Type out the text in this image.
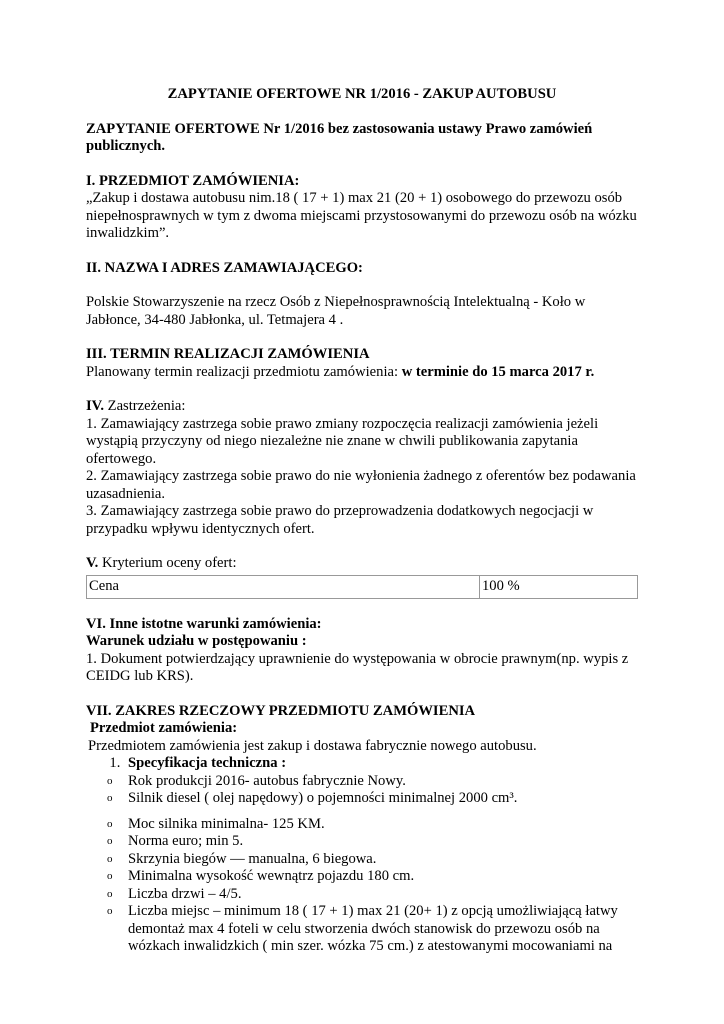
ZAPYTANIE OFERTOWE NR 1/2016 - ZAKUP AUTOBUSU

ZAPYTANIE OFERTOWE Nr 1/2016 bez zastosowania ustawy Prawo zamówień publicznych.

I. PRZEDMIOT ZAMÓWIENIA:

„Zakup i dostawa autobusu nim.18 ( 17 + 1) max 21 (20 + 1) osobowego do przewozu osób niepełnosprawnych w tym z dwoma miejscami przystosowanymi do przewozu osób na wózku inwalidzkim”.

II. NAZWA I ADRES ZAMAWIAJĄCEGO:

Polskie Stowarzyszenie na rzecz Osób z Niepełnosprawnością Intelektualną - Koło w Jabłonce, 34-480 Jabłonka, ul. Tetmajera 4 .

III. TERMIN REALIZACJI ZAMÓWIENIA

Planowany termin realizacji przedmiotu zamówienia: w terminie do 15 marca 2017 r.

IV. Zastrzeżenia:

1. Zamawiający zastrzega sobie prawo zmiany rozpoczęcia realizacji zamówienia jeżeli wystąpią przyczyny od niego niezależne nie znane w chwili publikowania zapytania ofertowego.

2. Zamawiający zastrzega sobie prawo do nie wyłonienia żadnego z oferentów bez podawania uzasadnienia.

3. Zamawiający zastrzega sobie prawo do przeprowadzenia dodatkowych negocjacji w przypadku wpływu identycznych ofert.

V. Kryterium oceny ofert:

Cena	100 %

VI. Inne istotne warunki zamówienia:

Warunek udziału w postępowaniu :

1. Dokument potwierdzający uprawnienie do występowania w obrocie prawnym(np. wypis z CEIDG lub KRS).

VII. ZAKRES RZECZOWY PRZEDMIOTU ZAMÓWIENIA

Przedmiot zamówienia:

Przedmiotem zamówienia jest zakup i dostawa fabrycznie nowego autobusu.

1. Specyfikacja techniczna :
o Rok produkcji 2016- autobus fabrycznie Nowy.
o Silnik diesel ( olej napędowy) o pojemności minimalnej 2000 cm³.
o Moc silnika minimalna- 125 KM.
o Norma euro; min 5.
o Skrzynia biegów — manualna, 6 biegowa.
o Minimalna wysokość wewnątrz pojazdu 180 cm.
o Liczba drzwi – 4/5.
o Liczba miejsc – minimum 18 ( 17 + 1) max 21 (20+ 1) z opcją umożliwiającą łatwy demontaż max 4 foteli w celu stworzenia dwóch stanowisk do przewozu osób na wózkach inwalidzkich ( min szer. wózka 75 cm.) z atestowanymi mocowaniami na
